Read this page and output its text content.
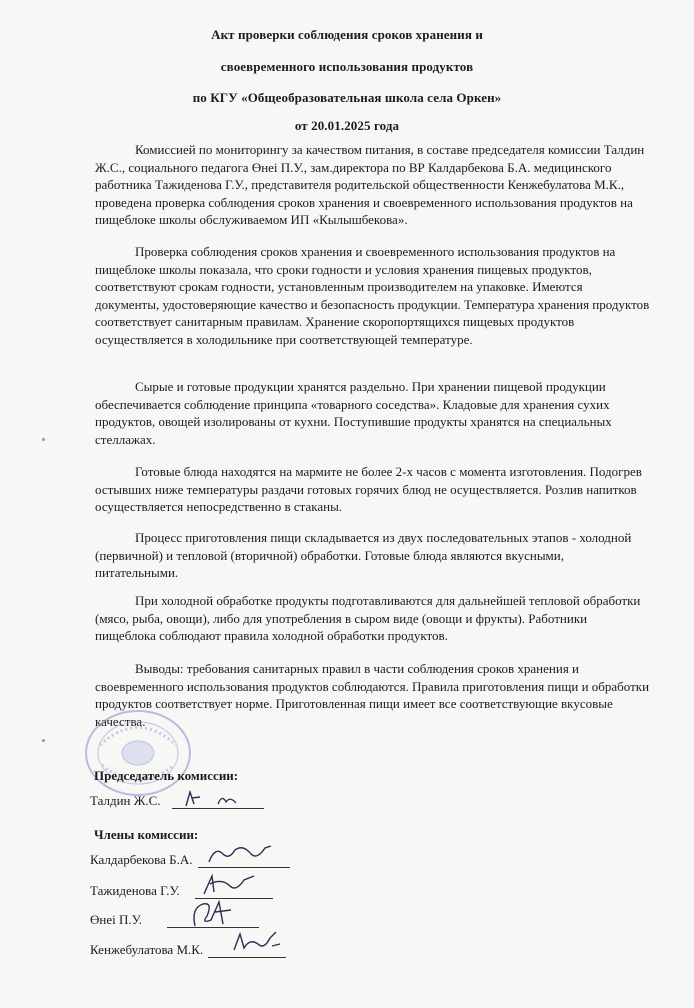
Акт проверки соблюдения сроков хранения и
своевременного использования продуктов
по КГУ «Общеобразовательная школа села Оркен»
от 20.01.2025 года
Комиссией по мониторингу за качеством питания, в составе председателя комиссии Талдин Ж.С., социального педагога Өнеі П.У., зам.директора по ВР Калдарбекова Б.А. медицинского работника Тажиденова Г.У., представителя родительской общественности Кенжебулатова М.К., проведена проверка соблюдения сроков хранения и своевременного использования продуктов на пищеблоке школы обслуживаемом ИП «Кылышбекова».
Проверка соблюдения сроков хранения и своевременного использования продуктов на пищеблоке школы показала, что сроки годности и условия хранения пищевых продуктов, соответствуют срокам годности, установленным производителем на упаковке. Имеются документы, удостоверяющие качество и безопасность продукции. Температура хранения продуктов соответствует санитарным правилам. Хранение скоропортящихся пищевых продуктов осуществляется в холодильнике при соответствующей температуре.
Сырые и готовые продукции хранятся раздельно. При хранении пищевой продукции обеспечивается соблюдение принципа «товарного соседства». Кладовые для хранения сухих продуктов, овощей изолированы от кухни. Поступившие продукты хранятся на специальных стеллажах.
Готовые блюда находятся на мармите не более 2-х часов с момента изготовления. Подогрев остывших ниже температуры раздачи готовых горячих блюд не осуществляется. Розлив напитков осуществляется непосредственно в стаканы.
Процесс приготовления пищи складывается из двух последовательных этапов - холодной (первичной) и тепловой (вторичной) обработки. Готовые блюда являются вкусными, питательными.
При холодной обработке продукты подготавливаются для дальнейшей тепловой обработки (мясо, рыба, овощи), либо для употребления в сыром виде (овощи и фрукты). Работники пищеблока соблюдают правила холодной обработки продуктов.
Выводы: требования санитарных правил в части соблюдения сроков хранения и своевременного использования продуктов соблюдаются. Правила приготовления пищи и обработки продуктов соответствует норме. Приготовленная пищи имеет все соответствующие вкусовые качества.
Председатель комиссии:
Талдин Ж.С.
Члены комиссии:
Калдарбекова Б.А.
Тажиденова Г.У.
Өнеі П.У.
Кенжебулатова М.К.
